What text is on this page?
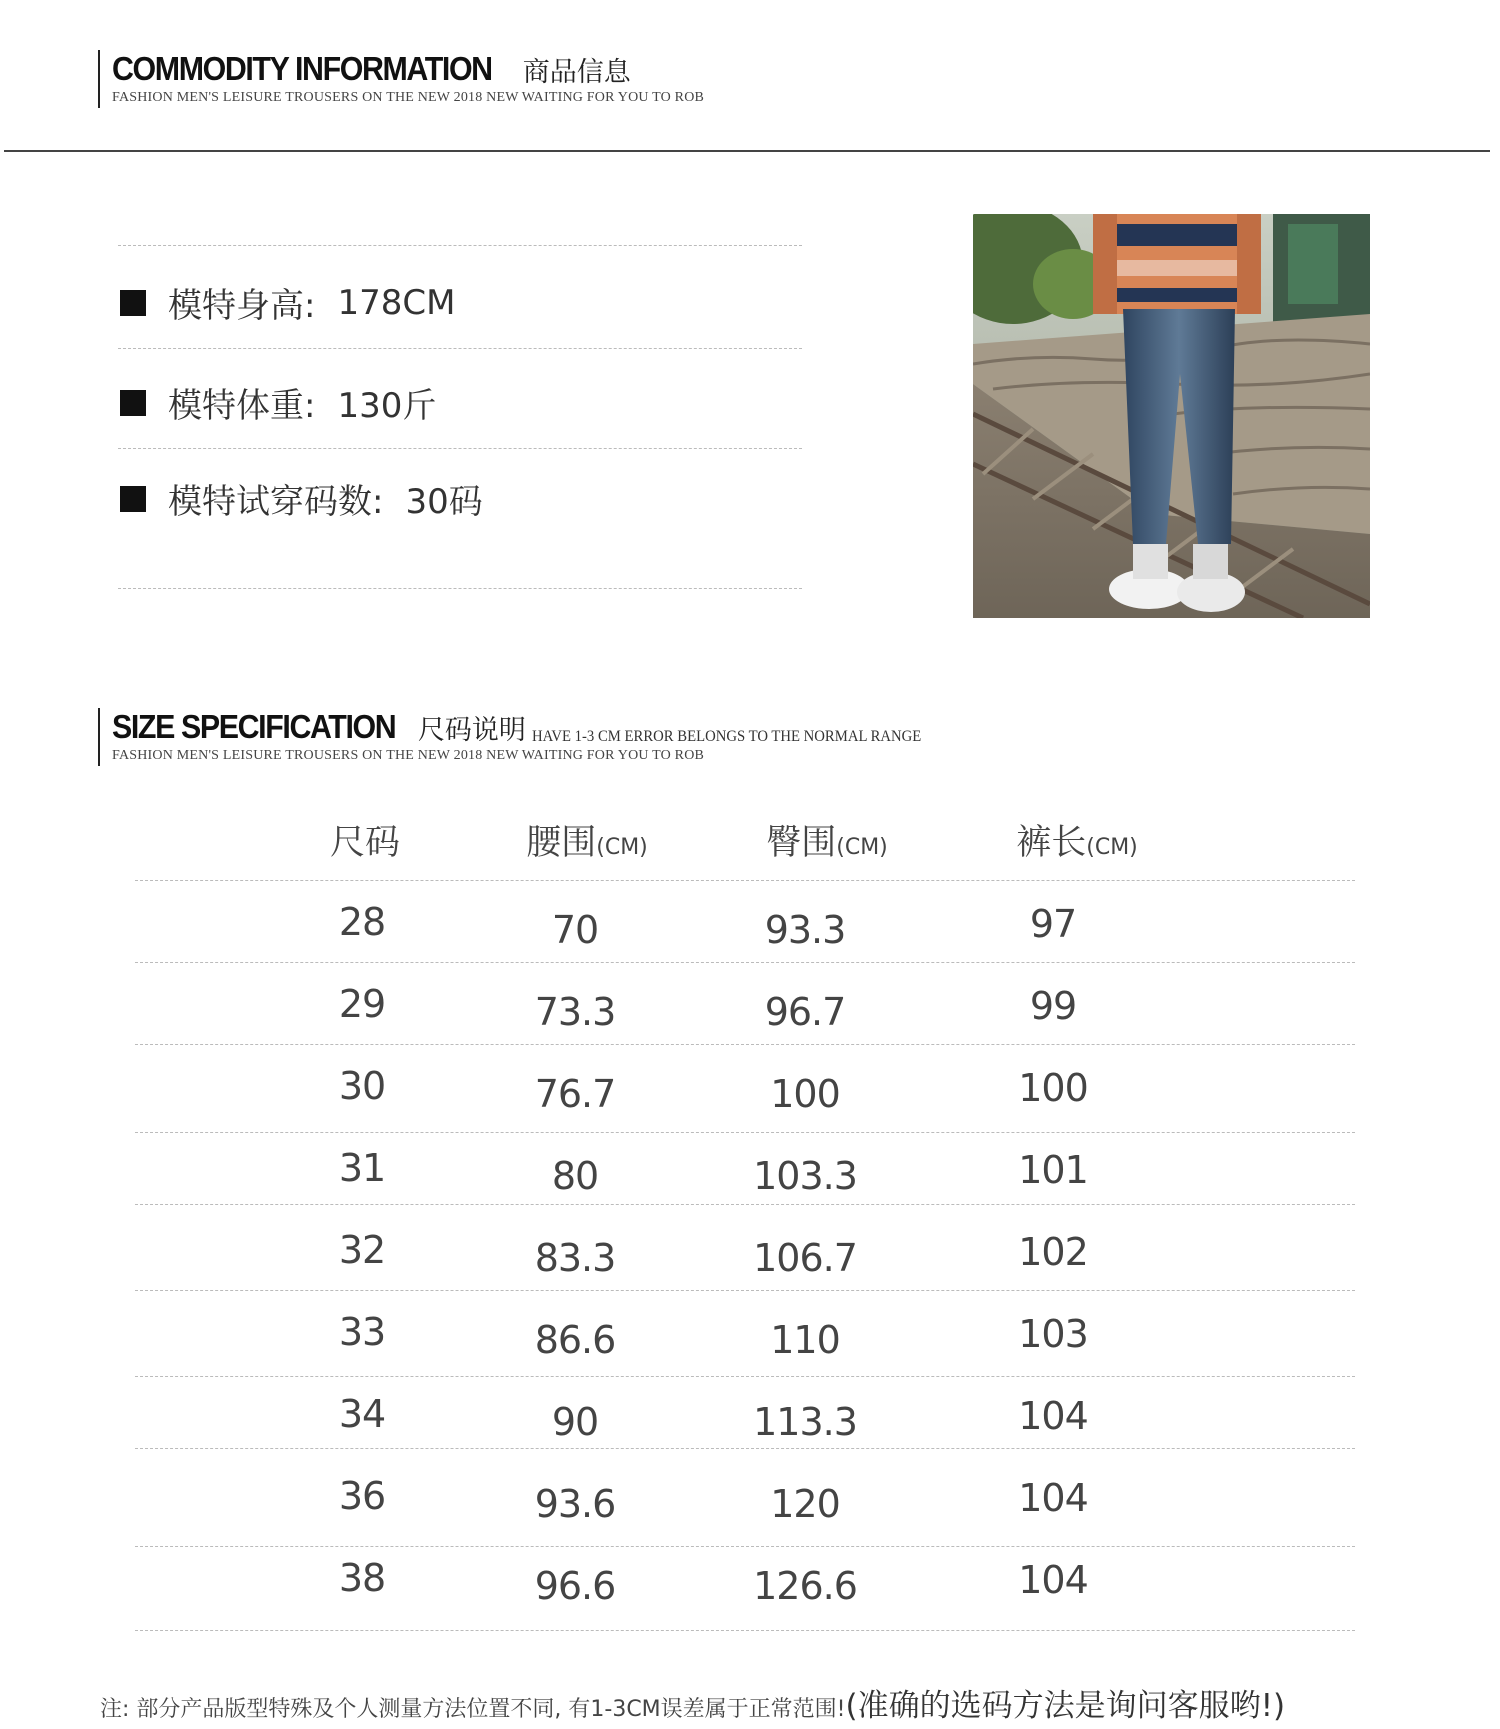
COMMODITY INFORMATION 商品信息
FASHION MEN'S LEISURE TROUSERS ON THE NEW 2018 NEW WAITING FOR YOU TO ROB
模特身高: 178CM
模特体重: 130斤
模特试穿码数: 30码
SIZE SPECIFICATION 尺码说明 HAVE 1-3 CM ERROR BELONGS TO THE NORMAL RANGE
FASHION MEN'S LEISURE TROUSERS ON THE NEW 2018 NEW WAITING FOR YOU TO ROB
尺码	腰围(CM)	臀围(CM)	裤长(CM)
28	70	93.3	97
29	73.3	96.7	99
30	76.7	100	100
31	80	103.3	101
32	83.3	106.7	102
33	86.6	110	103
34	90	113.3	104
36	93.6	120	104
38	96.6	126.6	104
注: 部分产品版型特殊及个人测量方法位置不同, 有1-3CM误差属于正常范围!(准确的选码方法是询问客服哟!)
